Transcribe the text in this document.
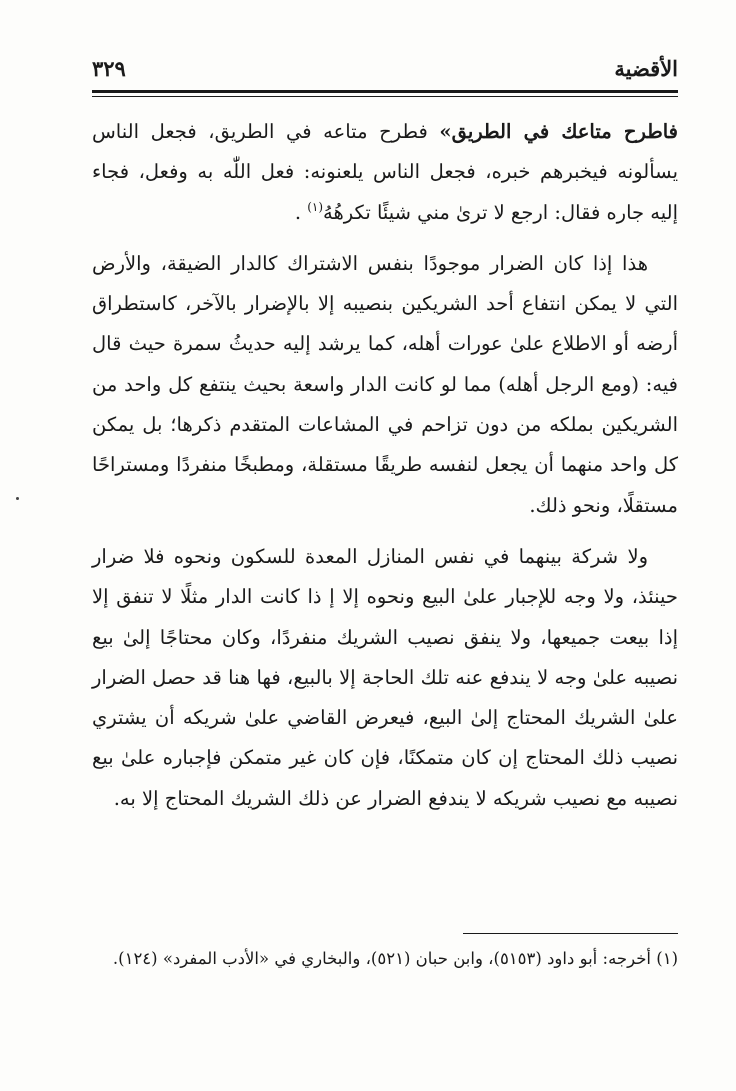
الأقضية
٣٢٩

فاطرح متاعك في الطريق» فطرح متاعه في الطريق، فجعل الناس يسألونه فيخبرهم خبره، فجعل الناس يلعنونه: فعل اللّٰه به وفعل، فجاء إليه جاره فقال: ارجع لا ترىٰ مني شيئًا تكرهُهُ$^{(١)}$ .

هذا إذا كان الضرار موجودًا بنفس الاشتراك كالدار الضيقة، والأرض التي لا يمكن انتفاع أحد الشريكين بنصيبه إلا بالإضرار بالآخر، كاستطراق أرضه أو الاطلاع علىٰ عورات أهله، كما يرشد إليه حديثُ سمرة حيث قال فيه: (ومع الرجل أهله) مما لو كانت الدار واسعة بحيث ينتفع كل واحد من الشريكين بملكه من دون تزاحم في المشاعات المتقدم ذكرها؛ بل يمكن كل واحد منهما أن يجعل لنفسه طريقًا مستقلة، ومطبخًا منفردًا ومستراحًا مستقلًا، ونحو ذلك.

ولا شركة بينهما في نفس المنازل المعدة للسكون ونحوه فلا ضرار حينئذ، ولا وجه للإجبار علىٰ البيع ونحوه إلا إ ذا كانت الدار مثلًا لا تنفق إلا إذا بيعت جميعها، ولا ينفق نصيب الشريك منفردًا، وكان محتاجًا إلىٰ بيع نصيبه علىٰ وجه لا يندفع عنه تلك الحاجة إلا بالبيع، فها هنا قد حصل الضرار علىٰ الشريك المحتاج إلىٰ البيع، فيعرض القاضي علىٰ شريكه أن يشتري نصيب ذلك المحتاج إن كان متمكنًا، فإن كان غير متمكن فإجباره علىٰ بيع نصيبه مع نصيب شريكه لا يندفع الضرار عن ذلك الشريك المحتاج إلا به.

(١) أخرجه: أبو داود (٥١٥٣)، وابن حبان (٥٢١)، والبخاري في «الأدب المفرد» (١٢٤).
